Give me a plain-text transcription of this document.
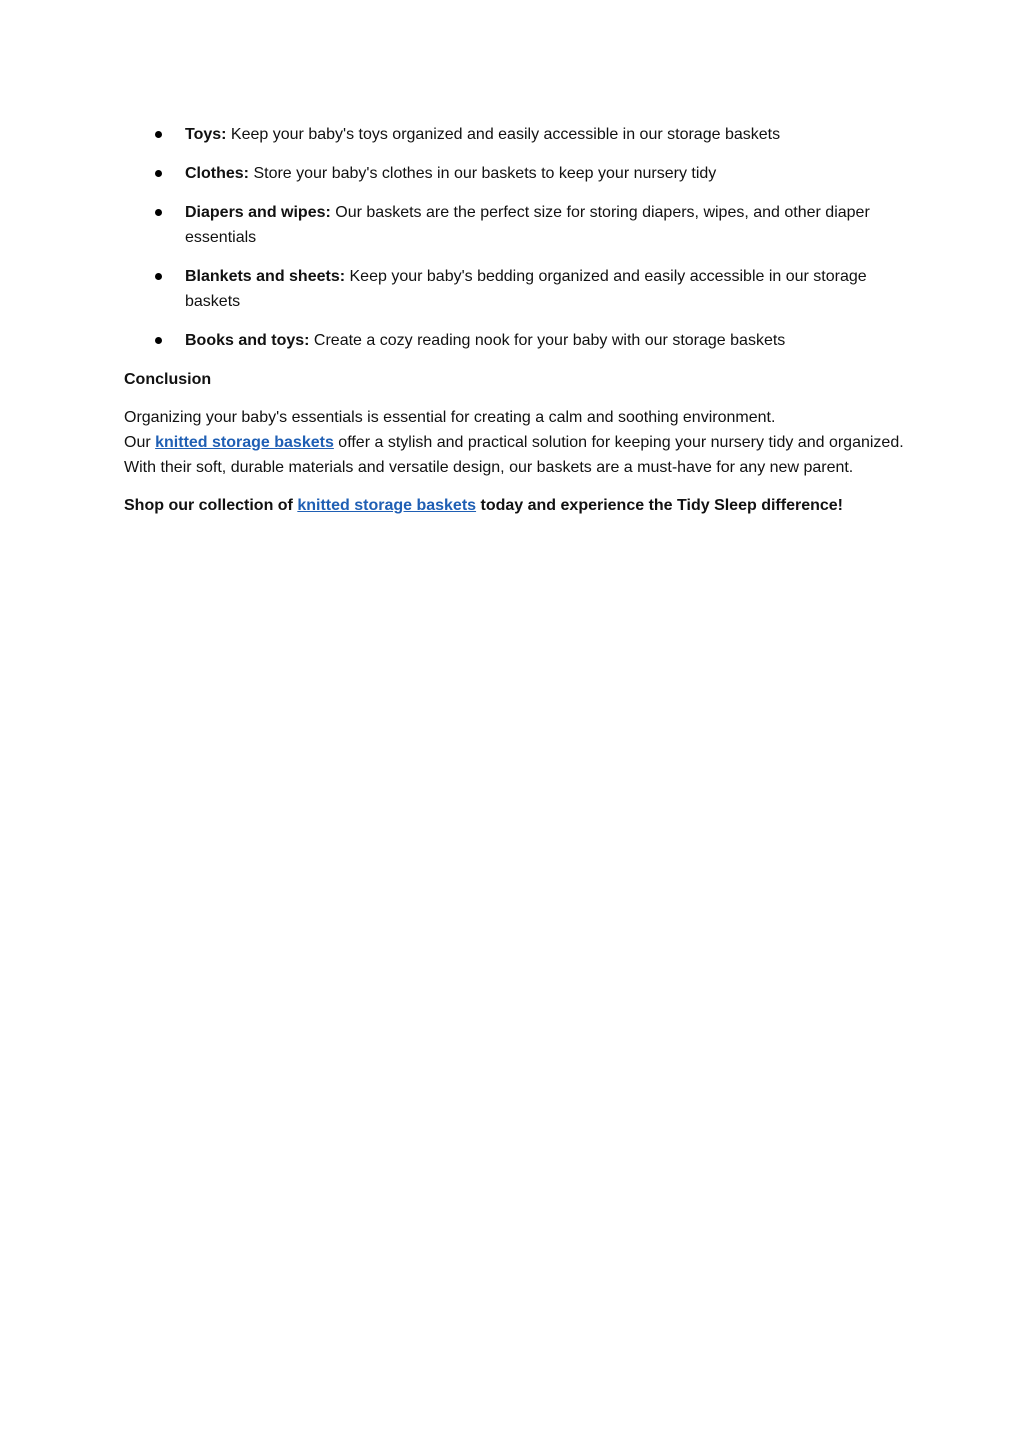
Toys: Keep your baby's toys organized and easily accessible in our storage baskets
Clothes: Store your baby's clothes in our baskets to keep your nursery tidy
Diapers and wipes: Our baskets are the perfect size for storing diapers, wipes, and other diaper essentials
Blankets and sheets: Keep your baby's bedding organized and easily accessible in our storage baskets
Books and toys: Create a cozy reading nook for your baby with our storage baskets
Conclusion

Organizing your baby's essentials is essential for creating a calm and soothing environment.
Our knitted storage baskets offer a stylish and practical solution for keeping your nursery tidy and organized. With their soft, durable materials and versatile design, our baskets are a must-have for any new parent.

Shop our collection of knitted storage baskets today and experience the Tidy Sleep difference!
